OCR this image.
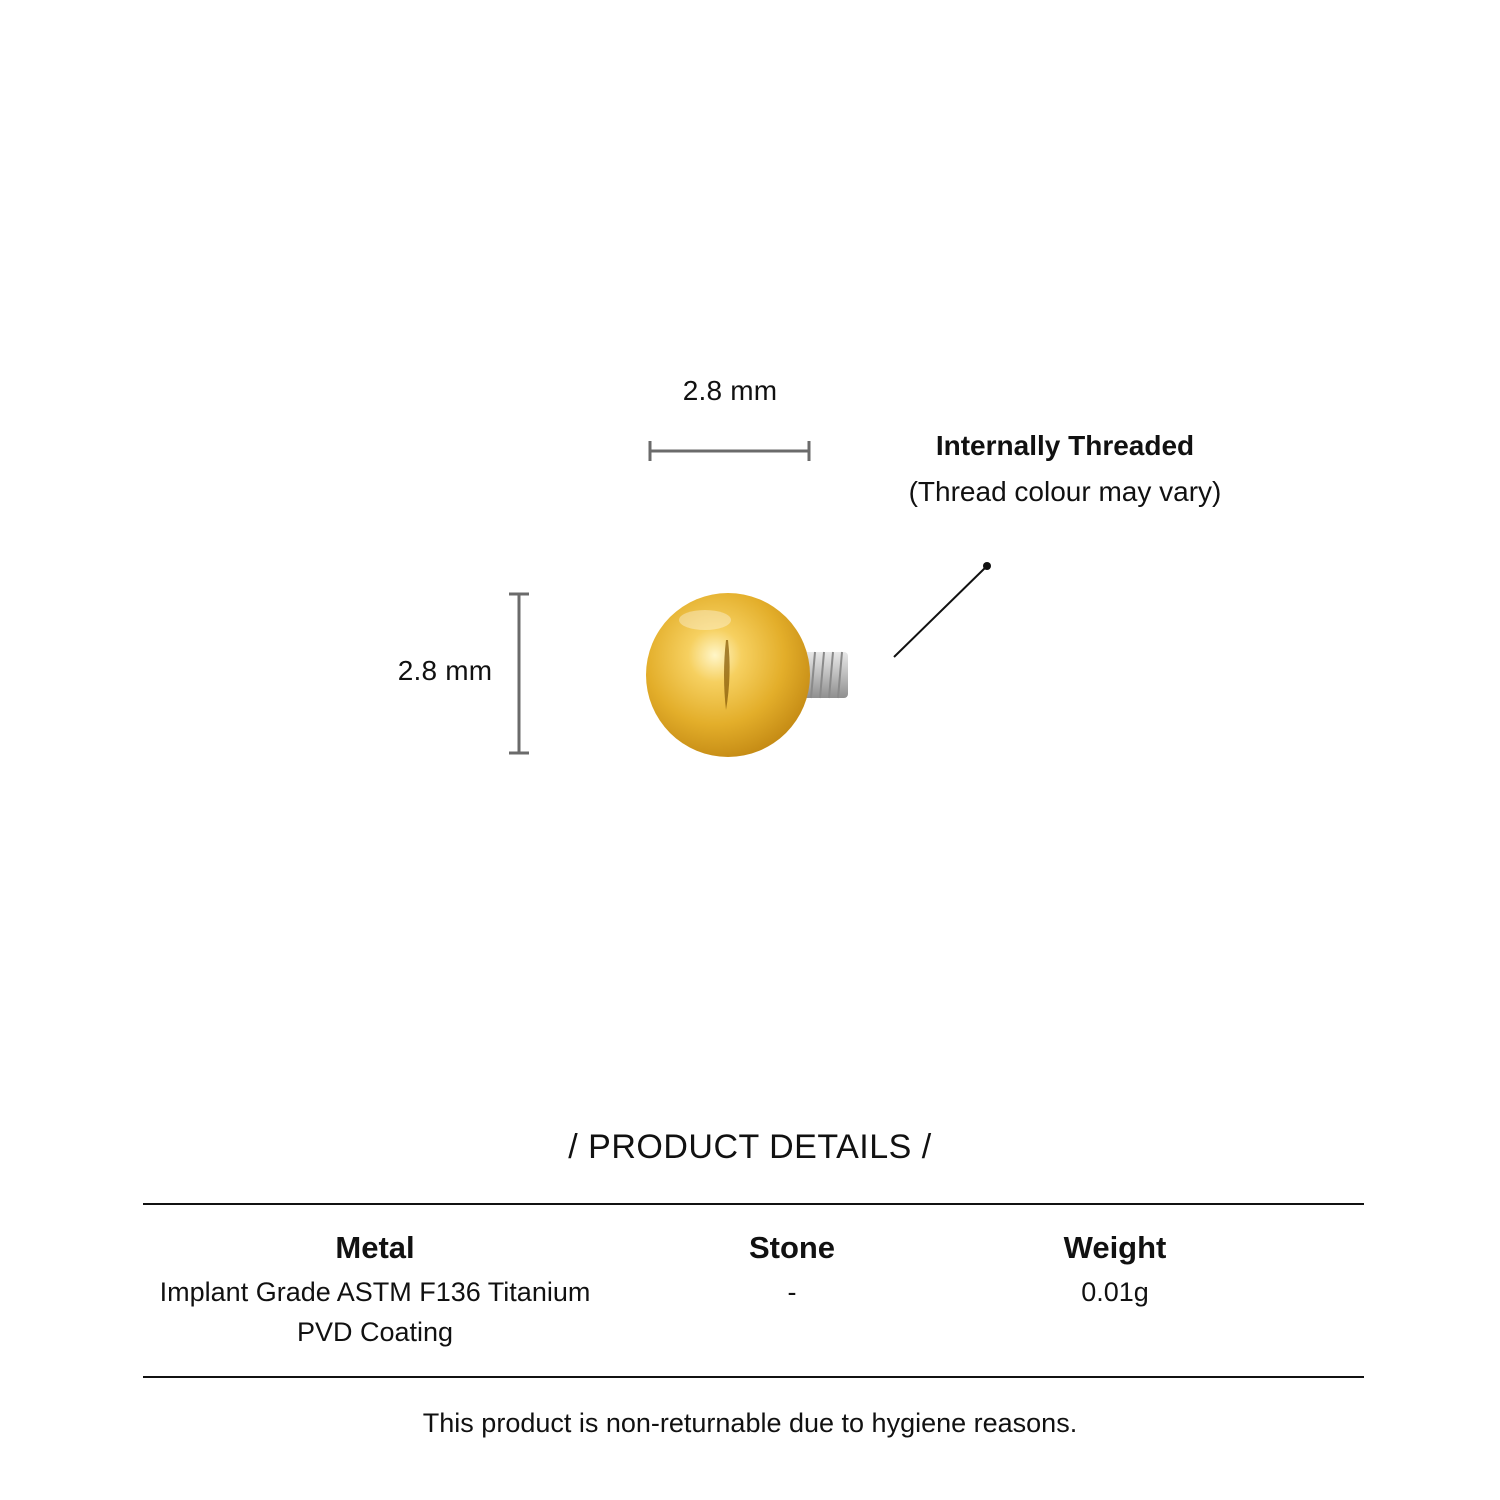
2.8 mm
2.8 mm
Internally Threaded
(Thread colour may vary)
/ PRODUCT DETAILS /
Metal
Implant Grade ASTM F136 Titanium
PVD Coating
Stone
-
Weight
0.01g
This product is non-returnable due to hygiene reasons.
